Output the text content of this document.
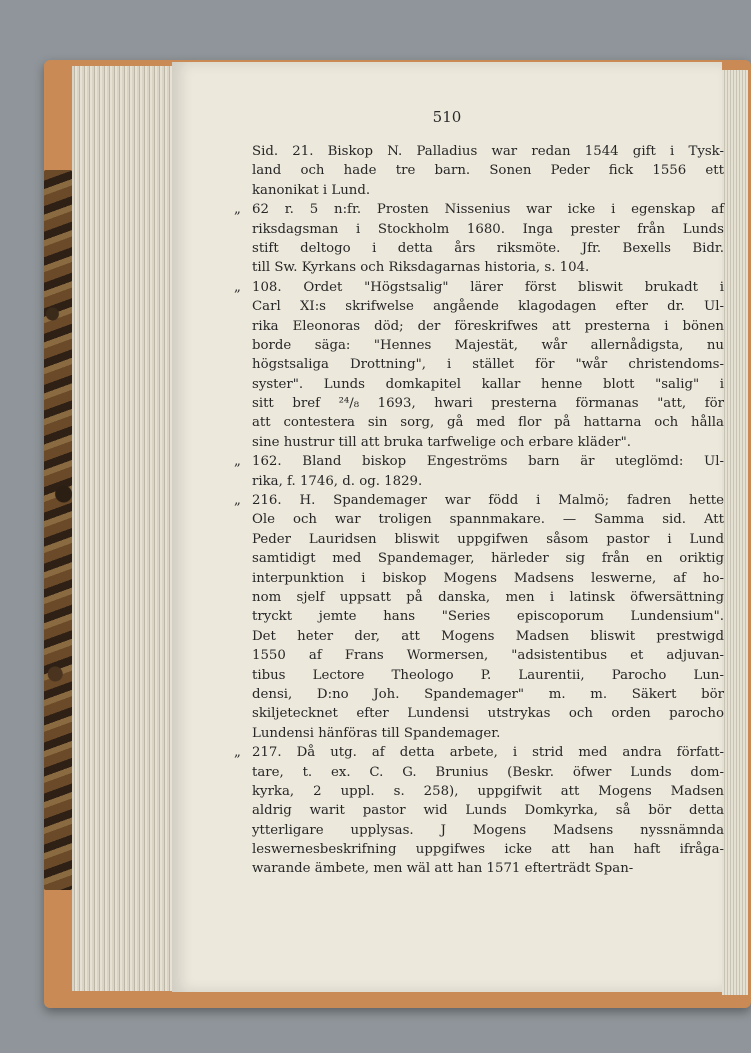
510
Sid. 21. Biskop N. Palladius war redan 1544 gift i Tysk-
land och hade tre barn. Sonen Peder fick 1556 ett
kanonikat i Lund.
„ 62 r. 5 n:fr. Prosten Nissenius war icke i egenskap af
riksdagsman i Stockholm 1680. Inga prester från Lunds
stift deltogo i detta års riksmöte. Jfr. Bexells Bidr.
till Sw. Kyrkans och Riksdagarnas historia, s. 104.
„ 108. Ordet "Högstsalig" lärer först bliswit brukadt i
Carl XI:s skrifwelse angående klagodagen efter dr. Ul-
rika Eleonoras död; der föreskrifwes att presterna i bönen
borde säga: "Hennes Majestät, wår allernådigsta, nu
högstsaliga Drottning", i stället för "wår christendoms-
syster". Lunds domkapitel kallar henne blott "salig" i
sitt bref ²⁴/₈ 1693, hwari presterna förmanas "att, för
att contestera sin sorg, gå med flor på hattarna och hålla
sine hustrur till att bruka tarfwelige och erbare kläder".
„ 162. Bland biskop Engeströms barn är uteglömd: Ul-
rika, f. 1746, d. og. 1829.
„ 216. H. Spandemager war född i Malmö; fadren hette
Ole och war troligen spannmakare. — Samma sid. Att
Peder Lauridsen bliswit uppgifwen såsom pastor i Lund
samtidigt med Spandemager, härleder sig från en oriktig
interpunktion i biskop Mogens Madsens leswerne, af ho-
nom sjelf uppsatt på danska, men i latinsk öfwersättning
tryckt jemte hans "Series episcoporum Lundensium".
Det heter der, att Mogens Madsen bliswit prestwigd
1550 af Frans Wormersen, "adsistentibus et adjuvan-
tibus Lectore Theologo P. Laurentii, Parocho Lun-
densi, D:no Joh. Spandemager" m. m. Säkert bör
skiljetecknet efter Lundensi utstrykas och orden parocho
Lundensi hänföras till Spandemager.
„ 217. Då utg. af detta arbete, i strid med andra författ-
tare, t. ex. C. G. Brunius (Beskr. öfwer Lunds dom-
kyrka, 2 uppl. s. 258), uppgifwit att Mogens Madsen
aldrig warit pastor wid Lunds Domkyrka, så bör detta
ytterligare upplysas. J Mogens Madsens nyssnämnda
leswernesbeskrifning uppgifwes icke att han haft ifråga-
warande ämbete, men wäl att han 1571 efterträdt Span-
